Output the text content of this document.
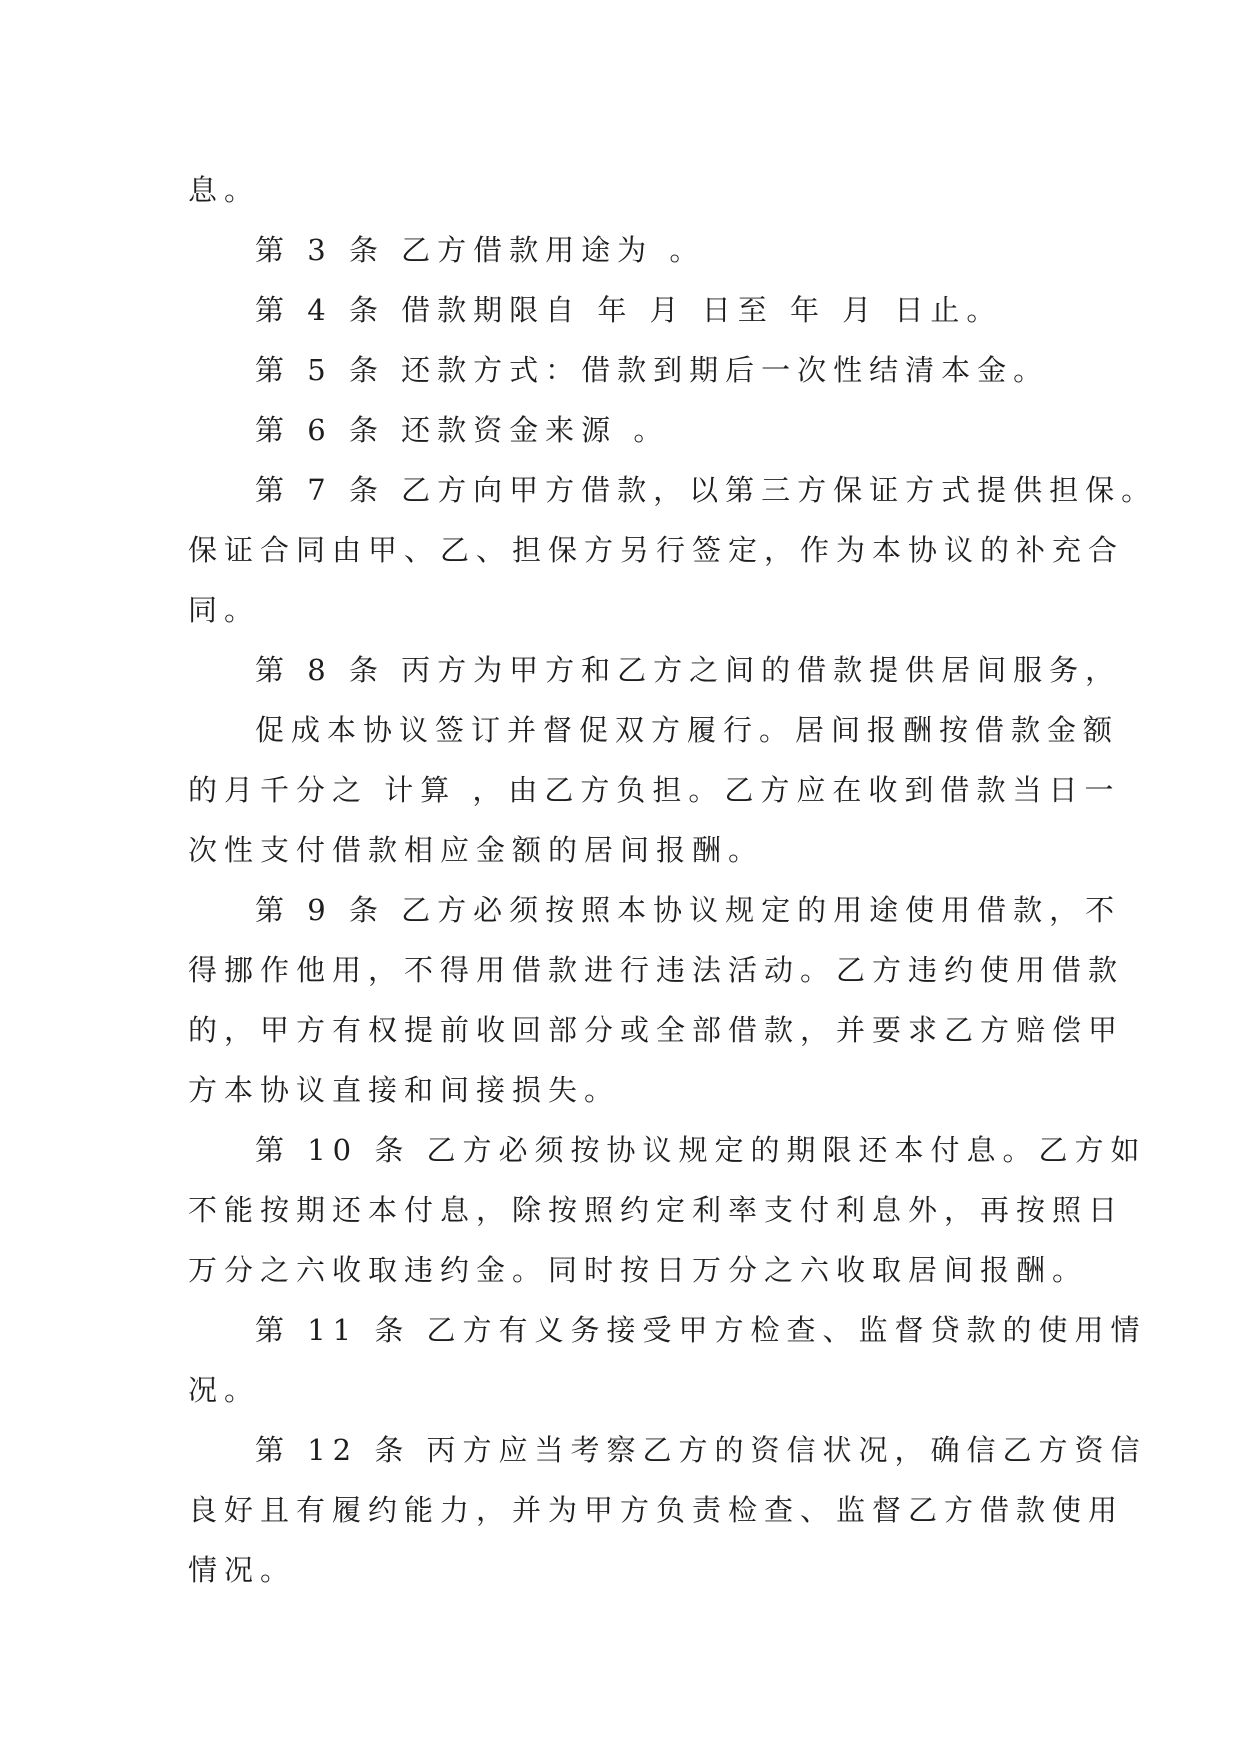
息。
第 3 条 乙方借款用途为 。
第 4 条 借款期限自 年 月 日至 年 月 日止。
第 5 条 还款方式：借款到期后一次性结清本金。
第 6 条 还款资金来源 。
第 7 条 乙方向甲方借款，以第三方保证方式提供担保。
保证合同由甲、乙、担保方另行签定，作为本协议的补充合
同。
第 8 条 丙方为甲方和乙方之间的借款提供居间服务，
促成本协议签订并督促双方履行。居间报酬按借款金额
的月千分之 计算 ，由乙方负担。乙方应在收到借款当日一
次性支付借款相应金额的居间报酬。
第 9 条 乙方必须按照本协议规定的用途使用借款，不
得挪作他用，不得用借款进行违法活动。乙方违约使用借款
的，甲方有权提前收回部分或全部借款，并要求乙方赔偿甲
方本协议直接和间接损失。
第 10 条 乙方必须按协议规定的期限还本付息。乙方如
不能按期还本付息，除按照约定利率支付利息外，再按照日
万分之六收取违约金。同时按日万分之六收取居间报酬。
第 11 条 乙方有义务接受甲方检查、监督贷款的使用情
况。
第 12 条 丙方应当考察乙方的资信状况，确信乙方资信
良好且有履约能力，并为甲方负责检查、监督乙方借款使用
情况。
